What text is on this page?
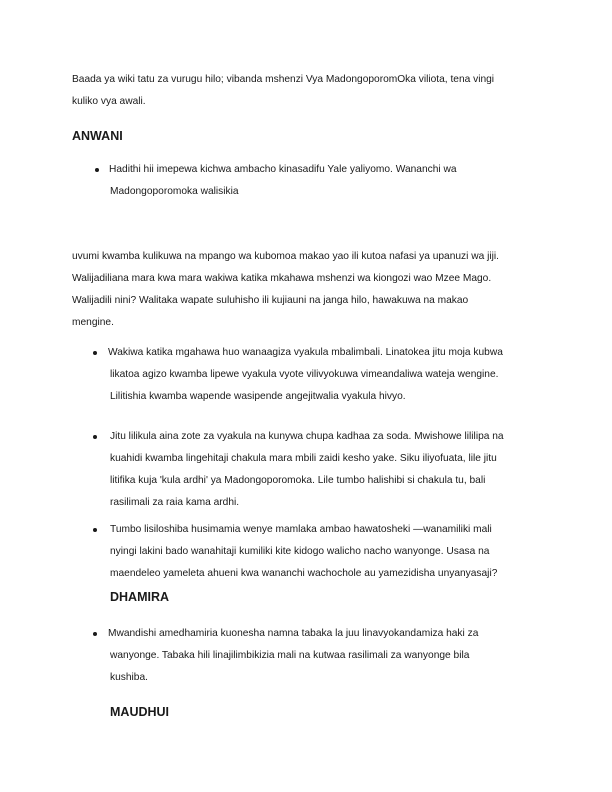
Baada ya wiki tatu za vurugu hilo; vibanda mshenzi Vya MadongoporomOka viliota, tena vingi
kuliko vya awali.
ANWANI
Hadithi hii imepewa kichwa ambacho kinasadifu Yale yaliyomo. Wananchi wa
Madongoporomoka walisikia
uvumi kwamba kulikuwa na mpango wa kubomoa makao yao ili kutoa nafasi ya upanuzi wa jiji.
Walijadiliana mara kwa mara wakiwa katika mkahawa mshenzi wa kiongozi wao Mzee Mago.
Walijadili nini? Walitaka wapate suluhisho ili kujiauni na janga hilo, hawakuwa na makao
mengine.
Wakiwa katika mgahawa huo wanaagiza vyakula mbalimbali. Linatokea jitu moja kubwa
likatoa agizo kwamba lipewe vyakula vyote vilivyokuwa vimeandaliwa wateja wengine.
Lilitishia kwamba wapende wasipende angejitwalia vyakula hivyo.
Jitu lilikula aina zote za vyakula na kunywa chupa kadhaa za soda. Mwishowe lililipa na
kuahidi kwamba lingehitaji chakula mara mbili zaidi kesho yake. Siku iliyofuata, lile jitu
litifika kuja 'kula ardhi' ya Madongoporomoka. Lile tumbo halishibi si chakula tu, bali
rasilimali za raia kama ardhi.
Tumbo lisiloshiba husimamia wenye mamlaka ambao hawatosheki —wanamiliki mali
nyingi lakini bado wanahitaji kumiliki kite kidogo walicho nacho wanyonge. Usasa na
maendeleo yameleta ahueni kwa wananchi wachochole au yamezidisha unyanyasaji?
DHAMIRA
Mwandishi amedhamiria kuonesha namna tabaka la juu linavyokandamiza haki za
wanyonge. Tabaka hili linajilimbikizia mali na kutwaa rasilimali za wanyonge bila
kushiba.
MAUDHUI
